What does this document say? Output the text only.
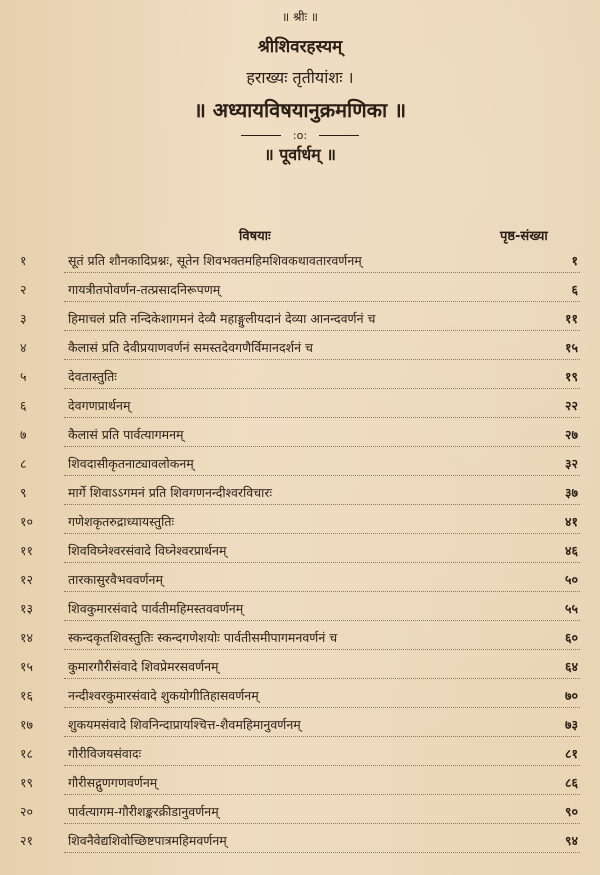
॥ श्रीः ॥
श्रीशिवरहस्यम्
हराख्यः तृतीयांशः ।
॥ अध्यायविषयानुक्रमणिका ॥
:o:
॥ पूर्वार्धम् ॥
विषयाः	पृष्ठ-संख्या
१	सूतं प्रति शौनकादिप्रश्नः, सूतेन शिवभक्तमहिमशिवकथावतारवर्णनम्	१
२	गायत्रीतपोवर्णन-तत्प्रसादनिरूपणम्	६
३	हिमाचलं प्रति नन्दिकेशागमनं देव्यै महाङ्गुलीयदानं देव्या आनन्दवर्णनं च	११
४	कैलासं प्रति देवीप्रयाणवर्णनं समस्तदेवगणैर्विमानदर्शनं च	१५
५	देवतास्तुतिः	१९
६	देवगणप्रार्थनम्	२२
७	कैलासं प्रति पार्वत्यागमनम्	२७
८	शिवदासीकृतनाट्यावलोकनम्	३२
९	मार्गे शिवाऽऽगमनं प्रति शिवगणनन्दीश्वरविचारः	३७
१०	गणेशकृतरुद्राध्यायस्तुतिः	४१
११	शिवविघ्नेश्वरसंवादे विघ्नेश्वरप्रार्थनम्	४६
१२	तारकासुरवैभववर्णनम्	५०
१३	शिवकुमारसंवादे पार्वतीमहिमस्तववर्णनम्	५५
१४	स्कन्दकृतशिवस्तुतिः स्कन्दगणेशयोः पार्वतीसमीपागमनवर्णनं च	६०
१५	कुमारगौरीसंवादे शिवप्रेमरसवर्णनम्	६४
१६	नन्दीश्वरकुमारसंवादे शुकयोगीतिहासवर्णनम्	७०
१७	शुकयमसंवादे शिवनिन्दाप्रायश्चित्त-शैवमहिमानुवर्णनम्	७३
१८	गौरीविजयसंवादः	८१
१९	गौरीसद्गुणगणवर्णनम्	८६
२०	पार्वत्यागम-गौरीशङ्करक्रीडानुवर्णनम्	९०
२१	शिवनैवेद्यशिवोच्छिष्टपात्रमहिमवर्णनम्	९४
